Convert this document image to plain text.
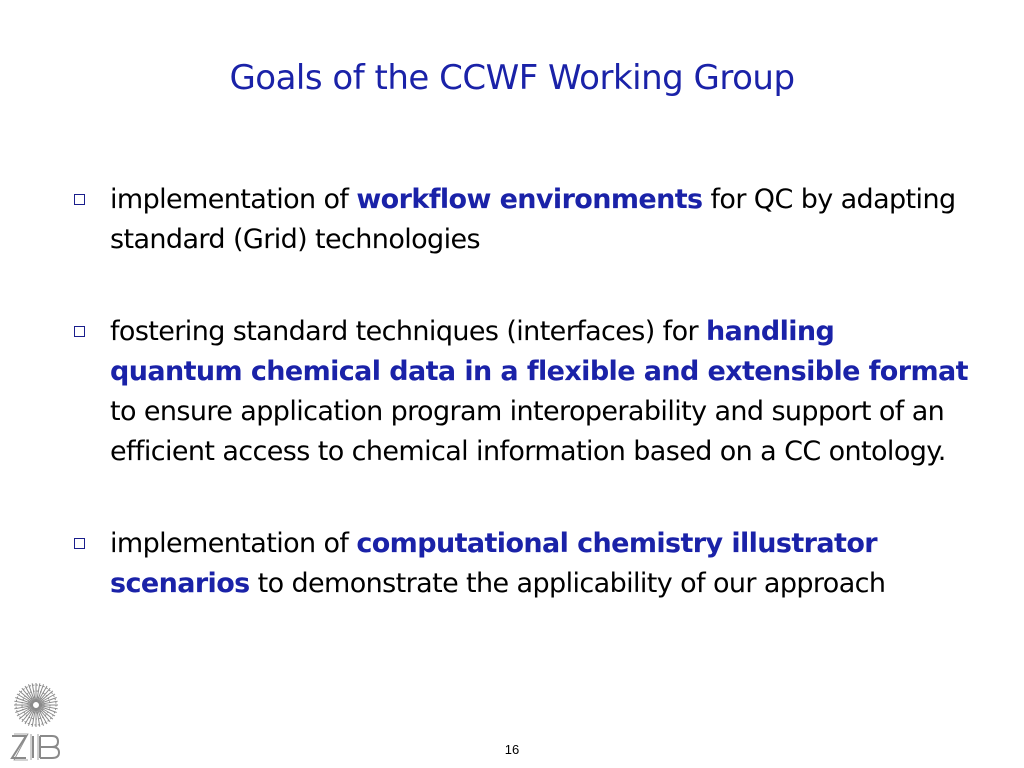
Goals of the CCWF Working Group
implementation of workflow environments for QC by adapting standard (Grid) technologies
fostering standard techniques (interfaces) for handling quantum chemical data in a flexible and extensible format to ensure application program interoperability and support of an efficient access to chemical information based on a CC ontology.
implementation of computational chemistry illustrator scenarios to demonstrate the applicability of our approach
16
